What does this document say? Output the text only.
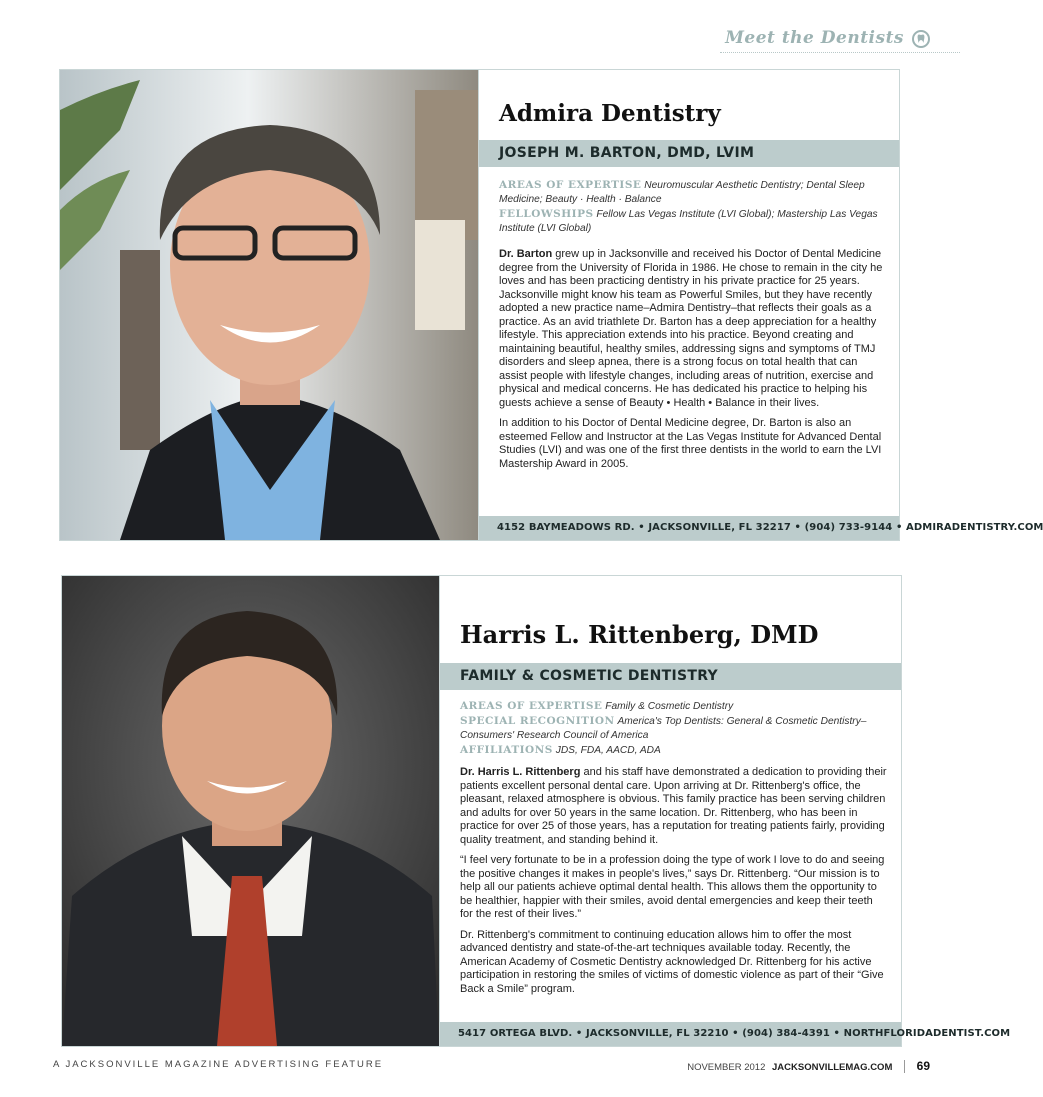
Meet the Dentists
Admira Dentistry
JOSEPH M. BARTON, DMD, LVIM
AREAS OF EXPERTISE Neuromuscular Aesthetic Dentistry; Dental Sleep Medicine; Beauty · Health · Balance
FELLOWSHIPS Fellow Las Vegas Institute (LVI Global); Mastership Las Vegas Institute (LVI Global)

Dr. Barton grew up in Jacksonville and received his Doctor of Dental Medicine degree from the University of Florida in 1986. He chose to remain in the city he loves and has been practicing dentistry in his private practice for 25 years. Jacksonville might know his team as Powerful Smiles, but they have recently adopted a new practice name–Admira Dentistry–that reflects their goals as a practice. As an avid triathlete Dr. Barton has a deep appreciation for a healthy lifestyle. This appreciation extends into his practice. Beyond creating and maintaining beautiful, healthy smiles, addressing signs and symptoms of TMJ disorders and sleep apnea, there is a strong focus on total health that can assist people with lifestyle changes, including areas of nutrition, exercise and physical and medical concerns. He has dedicated his practice to helping his guests achieve a sense of Beauty • Health • Balance in their lives.

In addition to his Doctor of Dental Medicine degree, Dr. Barton is also an esteemed Fellow and Instructor at the Las Vegas Institute for Advanced Dental Studies (LVI) and was one of the first three dentists in the world to earn the LVI Mastership Award in 2005.

4152 BAYMEADOWS RD. • JACKSONVILLE, FL 32217 • (904) 733-9144 • ADMIRADENTISTRY.COM
Harris L. Rittenberg, DMD
FAMILY & COSMETIC DENTISTRY
AREAS OF EXPERTISE Family & Cosmetic Dentistry
SPECIAL RECOGNITION America's Top Dentists: General & Cosmetic Dentistry–Consumers' Research Council of America
AFFILIATIONS JDS, FDA, AACD, ADA

Dr. Harris L. Rittenberg and his staff have demonstrated a dedication to providing their patients excellent personal dental care. Upon arriving at Dr. Rittenberg's office, the pleasant, relaxed atmosphere is obvious. This family practice has been serving children and adults for over 50 years in the same location. Dr. Rittenberg, who has been in practice for over 25 of those years, has a reputation for treating patients fairly, providing quality treatment, and standing behind it.

“I feel very fortunate to be in a profession doing the type of work I love to do and seeing the positive changes it makes in people's lives,” says Dr. Rittenberg. “Our mission is to help all our patients achieve optimal dental health. This allows them the opportunity to be healthier, happier with their smiles, avoid dental emergencies and keep their teeth for the rest of their lives.”

Dr. Rittenberg's commitment to continuing education allows him to offer the most advanced dentistry and state-of-the-art techniques available today. Recently, the American Academy of Cosmetic Dentistry acknowledged Dr. Rittenberg for his active participation in restoring the smiles of victims of domestic violence as part of their “Give Back a Smile” program.

5417 ORTEGA BLVD. • JACKSONVILLE, FL 32210 • (904) 384-4391 • NORTHFLORIDADENTIST.COM
A JACKSONVILLE MAGAZINE ADVERTISING FEATURE	NOVEMBER 2012 JACKSONVILLEMAG.COM 69
